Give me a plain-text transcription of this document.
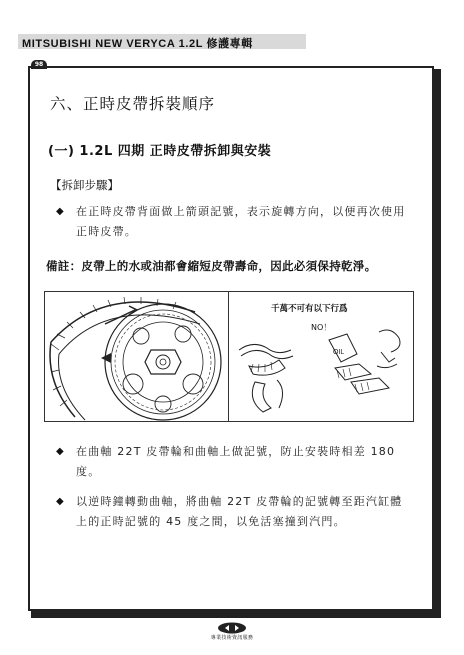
MITSUBISHI NEW VERYCA 1.2L 修護專輯
98
六、正時皮帶拆裝順序
(一) 1.2L 四期 正時皮帶拆卸與安裝
【拆卸步驟】
◆ 在正時皮帶背面做上箭頭記號，表示旋轉方向，以便再次使用正時皮帶。
備註：皮帶上的水或油都會縮短皮帶壽命，因此必須保持乾淨。
OIL
千萬不可有以下行爲
NO！
◆ 在曲軸 22T 皮帶輪和曲軸上做記號，防止安裝時相差 180 度。
◆ 以逆時鐘轉動曲軸，將曲軸 22T 皮帶輪的記號轉至距汽缸體上的正時記號的 45 度之間，以免活塞撞到汽門。
專業技術資訊服務
